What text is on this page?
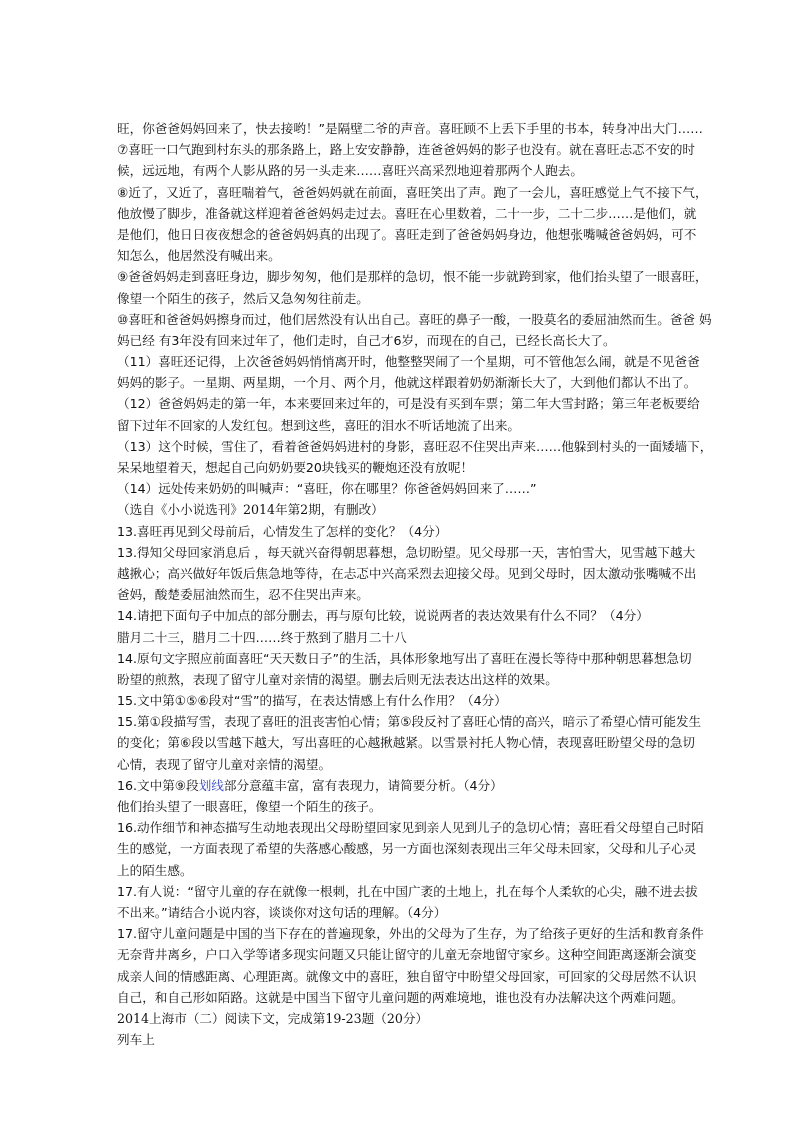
旺，你爸爸妈妈回来了，快去接哟！”是隔壁二爷的声音。喜旺顾不上丢下手里的书本，转身冲出大门……
⑦喜旺一口气跑到村东头的那条路上，路上安安静静，连爸爸妈妈的影子也没有。就在喜旺忐忑不安的时
候，远远地，有两个人影从路的另一头走来……喜旺兴高采烈地迎着那两个人跑去。
⑧近了，又近了，喜旺喘着气，爸爸妈妈就在前面，喜旺笑出了声。跑了一会儿，喜旺感觉上气不接下气，
他放慢了脚步，准备就这样迎着爸爸妈妈走过去。喜旺在心里数着，二十一步，二十二步……是他们，就
是他们，他日日夜夜想念的爸爸妈妈真的出现了。喜旺走到了爸爸妈妈身边，他想张嘴喊爸爸妈妈，可不
知怎么，他居然没有喊出来。
⑨爸爸妈妈走到喜旺身边，脚步匆匆，他们是那样的急切，恨不能一步就跨到家，他们抬头望了一眼喜旺，
像望一个陌生的孩子，然后又急匆匆往前走。
⑩喜旺和爸爸妈妈擦身而过，他们居然没有认出自己。喜旺的鼻子一酸，一股莫名的委屈油然而生。爸爸 妈
妈已经 有3年没有回来过年了，他们走时，自己才6岁，而现在的自己，已经长高长大了。
（11）喜旺还记得，上次爸爸妈妈悄悄离开时，他整整哭闹了一个星期，可不管他怎么闹，就是不见爸爸
妈妈的影子。一星期、两星期，一个月、两个月，他就这样跟着奶奶渐渐长大了，大到他们都认不出了。
（12）爸爸妈妈走的第一年，本来要回来过年的，可是没有买到车票；第二年大雪封路；第三年老板要给
留下过年不回家的人发红包。想到这些，喜旺的泪水不听话地流了出来。
（13）这个时候，雪住了，看着爸爸妈妈进村的身影，喜旺忍不住哭出声来……他躲到村头的一面矮墙下，
呆呆地望着天，想起自己向奶奶要20块钱买的鞭炮还没有放呢！
（14）远处传来奶奶的叫喊声：“喜旺，你在哪里？你爸爸妈妈回来了……”
（选自《小小说选刊》2014年第2期，有删改）
13.喜旺再见到父母前后，心情发生了怎样的变化？（4分）
13.得知父母回家消息后 ，每天就兴奋得朝思暮想，急切盼望。见父母那一天，害怕雪大，见雪越下越大
越揪心；高兴做好年饭后焦急地等待，在忐忑中兴高采烈去迎接父母。见到父母时，因太激动张嘴喊不出
爸妈，酸楚委屈油然而生，忍不住哭出声来。
14.请把下面句子中加点的部分删去，再与原句比较，说说两者的表达效果有什么不同？（4分）
腊月二十三，腊月二十四……终于熬到了腊月二十八
14.原句文字照应前面喜旺“天天数日子”的生活，具体形象地写出了喜旺在漫长等待中那种朝思暮想急切
盼望的煎熬，表现了留守儿童对亲情的渴望。删去后则无法表达出这样的效果。
15.文中第①⑤⑥段对“雪”的描写，在表达情感上有什么作用？（4分）
15.第①段描写雪，表现了喜旺的沮丧害怕心情；第⑤段反衬了喜旺心情的高兴，暗示了希望心情可能发生
的变化；第⑥段以雪越下越大，写出喜旺的心越揪越紧。以雪景衬托人物心情，表现喜旺盼望父母的急切
心情，表现了留守儿童对亲情的渴望。
16.文中第⑨段划线部分意蕴丰富，富有表现力，请简要分析。（4分）
他们抬头望了一眼喜旺，像望一个陌生的孩子。
16.动作细节和神态描写生动地表现出父母盼望回家见到亲人见到儿子的急切心情；喜旺看父母望自己时陌
生的感觉，一方面表现了希望的失落感心酸感，另一方面也深刻表现出三年父母未回家，父母和儿子心灵
上的陌生感。
17.有人说：“留守儿童的存在就像一根刺，扎在中国广袤的土地上，扎在每个人柔软的心尖，融不进去拔
不出来。”请结合小说内容，谈谈你对这句话的理解。（4分）
17.留守儿童问题是中国的当下存在的普遍现象，外出的父母为了生存，为了给孩子更好的生活和教育条件
无奈背井离乡，户口入学等诸多现实问题又只能让留守的儿童无奈地留守家乡。这种空间距离逐渐会演变
成亲人间的情感距离、心理距离。就像文中的喜旺，独自留守中盼望父母回家，可回家的父母居然不认识
自己，和自己形如陌路。这就是中国当下留守儿童问题的两难境地，谁也没有办法解决这个两难问题。
2014上海市（二）阅读下文，完成第19-23题（20分）
列车上
